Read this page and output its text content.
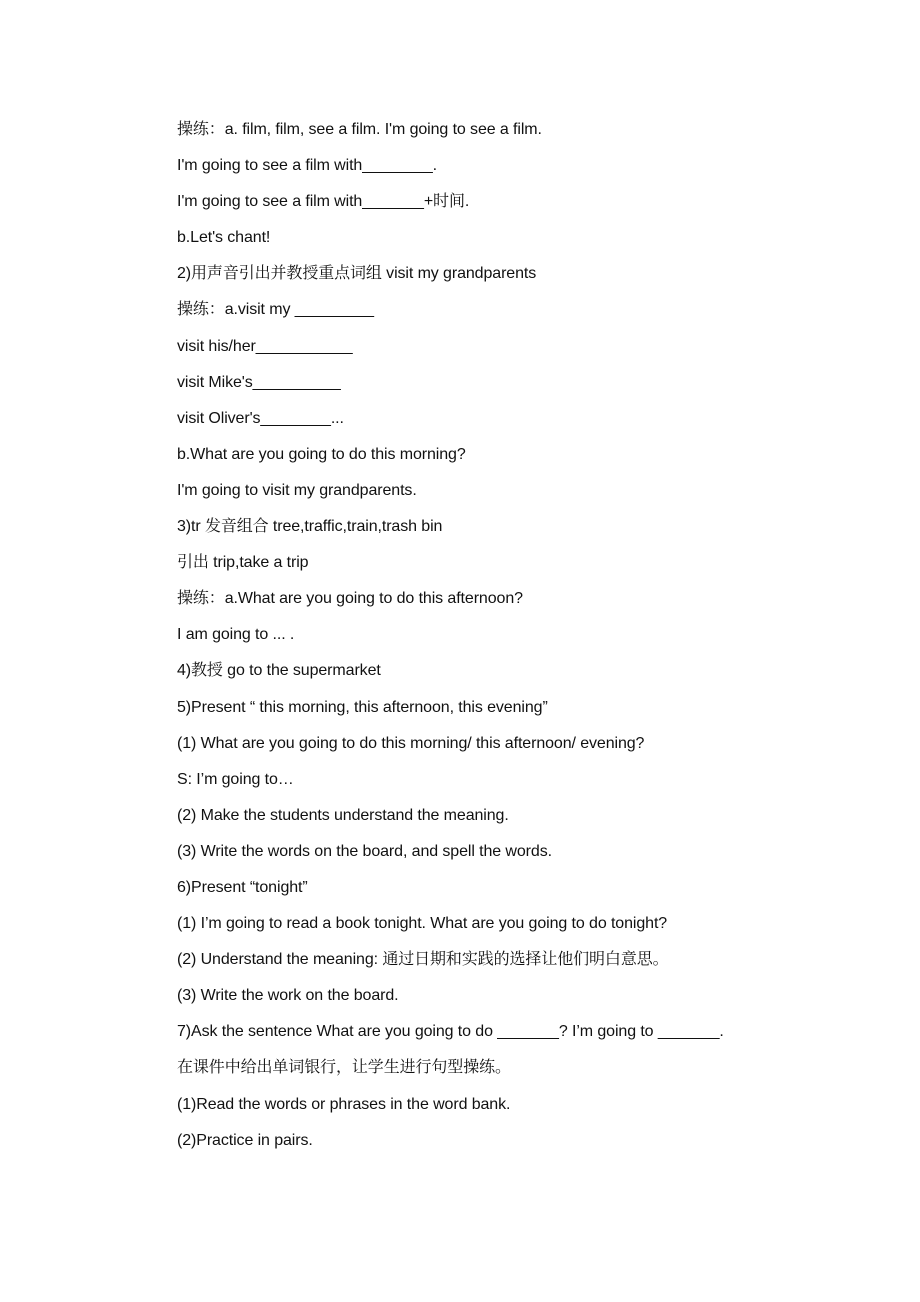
操练：a. film, film, see a film. I'm going to see a film.
I'm going to see a film with________.
I'm going to see a film with_______+时间.
b.Let's chant!
2)用声音引出并教授重点词组 visit my grandparents
操练：a.visit my _________
visit his/her___________
visit Mike's__________
visit Oliver's________...
b.What are you going to do this morning?
I'm going to visit my grandparents.
3)tr 发音组合 tree,traffic,train,trash bin
引出 trip,take a trip
操练：a.What are you going to do this afternoon?
I am going to ... .
4)教授 go to the supermarket
5)Present “ this morning, this afternoon, this evening”
(1) What are you going to do this morning/ this afternoon/ evening?
S: I’m going to…
(2) Make the students understand the meaning.
(3) Write the words on the board, and spell the words.
6)Present “tonight”
(1) I’m going to read a book tonight. What are you going to do tonight?
(2) Understand the meaning: 通过日期和实践的选择让他们明白意思。
(3) Write the work on the board.
7)Ask the sentence What are you going to do _______? I’m going to _______.
在课件中给出单词银行，让学生进行句型操练。
(1)Read the words or phrases in the word bank.
(2)Practice in pairs.
